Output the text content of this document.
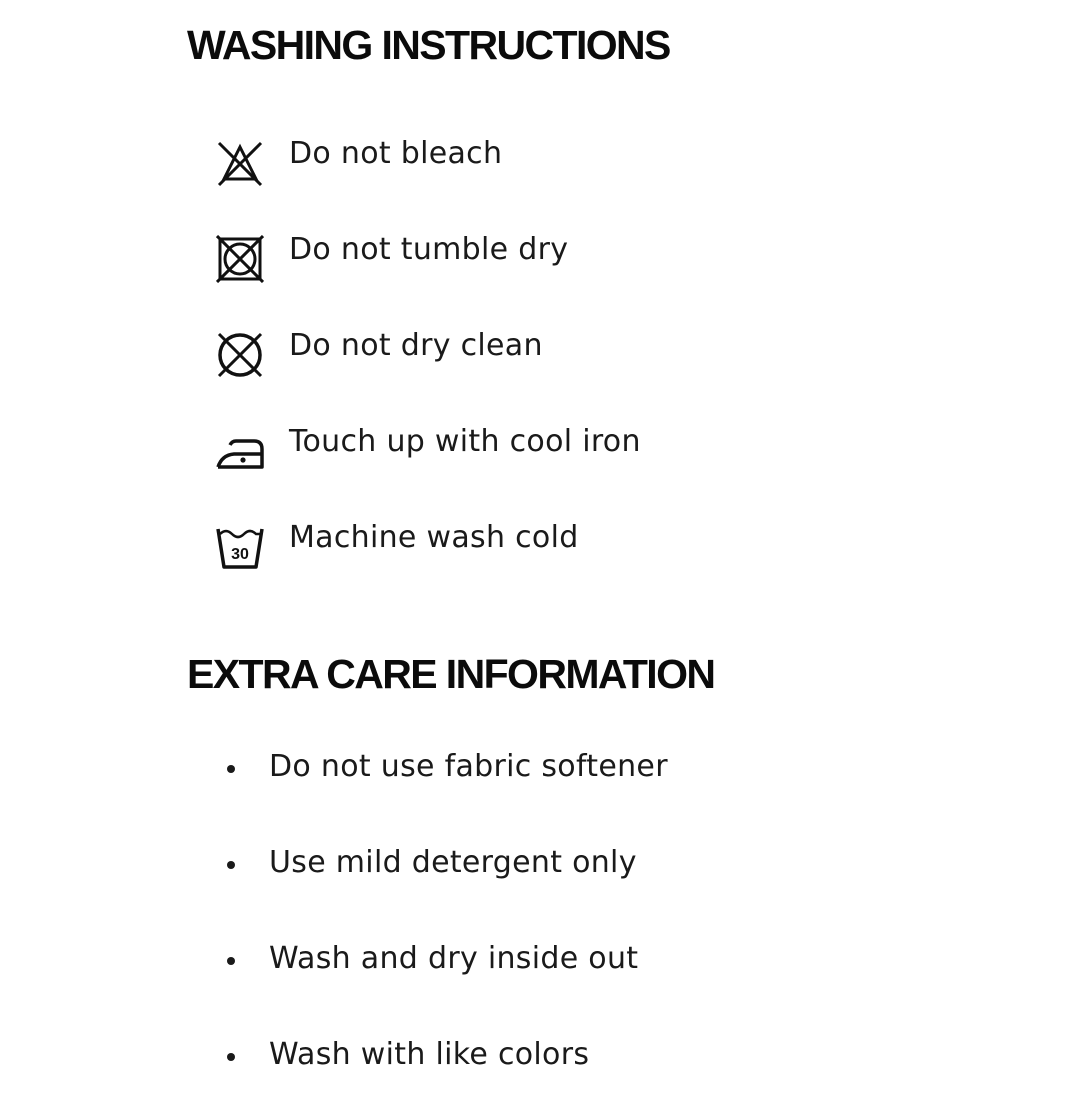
WASHING INSTRUCTIONS
Do not bleach
Do not tumble dry
Do not dry clean
Touch up with cool iron
30 Machine wash cold
EXTRA CARE INFORMATION
Do not use fabric softener
Use mild detergent only
Wash and dry inside out
Wash with like colors
